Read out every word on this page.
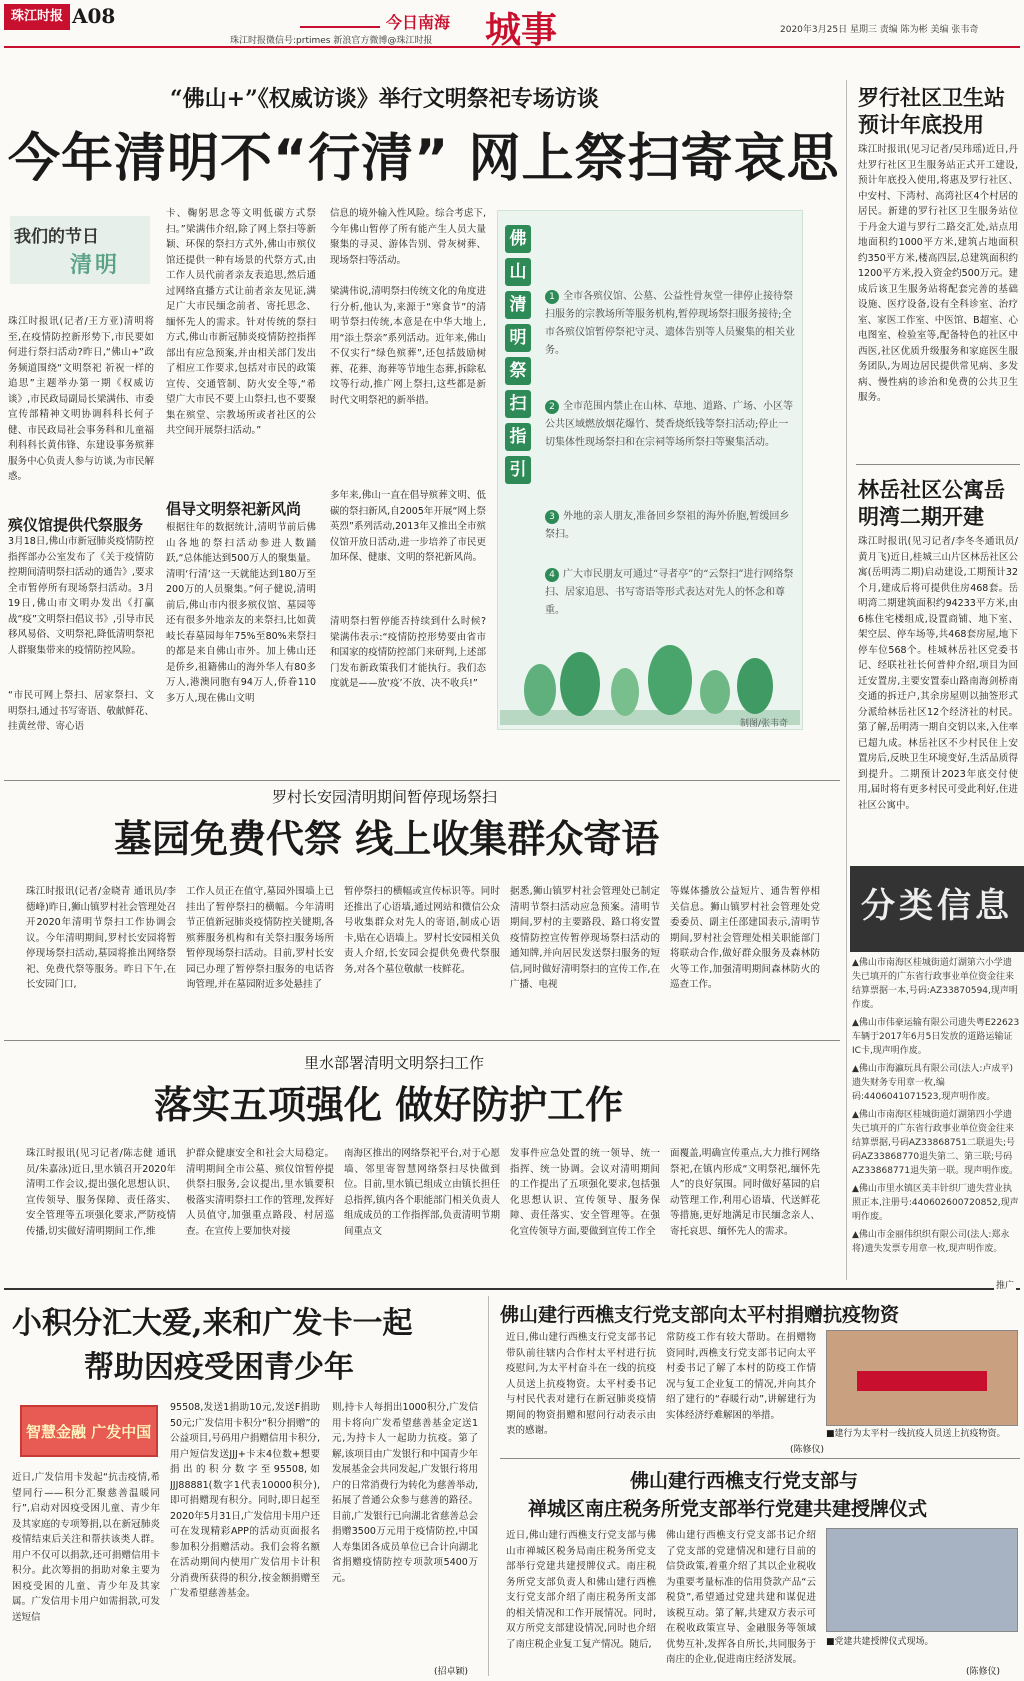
珠江时报 A08
珠江时报微信号:prtimes 新浪官方微博@珠江时报
今日南海 城事	2020年3月25日 星期三 责编 陈为彬 美编 张韦奇
“佛山+”《权威访谈》举行文明祭祀专场访谈
今年清明不“行清” 网上祭扫寄哀思
我们的节日
清明
珠江时报讯(记者/王方亚)清明将至,在疫情防控新形势下,市民要如何进行祭扫活动?昨日,“佛山+”政务频道围绕“文明祭祀 祈祝一样的追思”主题举办第一期《权威访谈》,市民政局副局长梁满伟、市委宣传部精神文明协调科科长何子健、市民政局社会事务科和儿童福利科科长黄伟锋、东建设事务殡葬服务中心负责人参与访谈,为市民解惑。
殡仪馆提供代祭服务
3月18日,佛山市新冠肺炎疫情防控指挥部办公室发布了《关于疫情防控期间清明祭扫活动的通告》,要求全市暂停所有现场祭扫活动。3月19日,佛山市文明办发出《打赢战“疫”文明祭扫倡议书》,引导市民移风易俗、文明祭祀,降低清明祭祀人群聚集带来的疫情防控风险。
“市民可网上祭扫、居家祭扫、文明祭扫,通过书写寄语、敬献鲜花、挂黄丝带、寄心语
卡、鞠躬思念等文明低碳方式祭扫。”梁满伟介绍,除了网上祭扫等新颖、环保的祭扫方式外,佛山市殡仪馆还提供一种有场景的代祭方式,由工作人员代前者亲友表追思,然后通过网络直播方式让前者亲友见证,满足广大市民缅念前者、寄托思念、缅怀先人的需求。针对传统的祭扫方式,佛山市新冠肺炎疫情防控指挥部出有应急预案,并由相关部门发出了相应工作要求,包括对市民的政策宣传、交通管制、防火安全等,“希望广大市民不要上山祭扫,也不要聚集在殡堂、宗教场所或者社区的公共空间开展祭扫活动。”
倡导文明祭祀新风尚
根据往年的数据统计,清明节前后佛山各地的祭扫活动参进人数踊跃,“总体能达到500万人的聚集量。清明‘行清’这一天就能达到180万至200万的人员聚集。”何子健说,清明前后,佛山市内很多殡仪馆、墓园等还有很多外地亲友的来祭扫,比如黄岐长春墓园每年75%至80%来祭扫的都是来自佛山市外。加上佛山还是侨乡,祖籍佛山的海外华人有80多万人,港澳同胞有94万人,侨眷110多万人,现在佛山文明
信息的境外输入性风险。综合考虑下,今年佛山暂停了所有能产生人员大量聚集的寻灵、游体告别、骨灰树葬、现场祭扫等活动。
梁满伟说,清明祭扫传统文化的角度进行分析,他认为,来源于“寒食节”的清明节祭扫传统,本意是在中华大地上,用“添土祭亲”系列活动。近年来,佛山不仅实行“绿色殡葬”,还包括鼓励树葬、花葬、海葬等节地生态葬,拆除私坟等行动,推广网上祭扫,这些都是新时代文明祭祀的新举措。
多年来,佛山一直在倡导殡葬文明、低碳的祭扫新风,自2005年开展“网上祭英烈”系列活动,2013年又推出全市殡仪馆开放日活动,进一步培养了市民更加环保、健康、文明的祭祀新风尚。
清明祭扫暂停能否持续到什么时候?梁满伟表示:“疫情防控形势要由省市和国家的疫情防控部门来研判,上述部门发布新政策我们才能执行。我们态度就是——放‘疫’不放、决不收兵!”
佛
山
清
明
祭
扫
指
引
1 全市各殡仪馆、公墓、公益性骨灰堂一律停止接待祭扫服务的宗教场所等服务机构,暂停现场祭扫服务接待;全市各殡仪馆暂停祭祀守灵、遗体告别等人员聚集的相关业务。
2 全市范围内禁止在山林、草地、道路、广场、小区等公共区域燃放烟花爆竹、焚香烧纸钱等祭扫活动;停止一切集体性现场祭扫和在宗祠等场所祭扫等聚集活动。
3 外地的亲人朋友,准备回乡祭祖的海外侨胞,暂缓回乡祭扫。
4 广大市民朋友可通过“寻者亭”的“云祭扫”进行网络祭扫、居家追思、书写寄语等形式表达对先人的怀念和尊重。
制图/张韦奇
罗行社区卫生站预计年底投用
珠江时报讯(见习记者/吴玮瑶)近日,丹灶罗行社区卫生服务站正式开工建设,预计年底投入使用,将惠及罗行社区、中安村、下湾村、高湾社区4个村居的居民。新建的罗行社区卫生服务站位于丹金大道与罗行二路交汇处,站点用地面积约1000平方米,建筑占地面积约350平方米,楼高四层,总建筑面积约1200平方米,投入资金约500万元。建成后该卫生服务站将配套完善的基础设施、医疗设备,设有全科诊室、治疗室、家医工作室、中医馆、B超室、心电图室、检验室等,配备特色的社区中西医,社区优质升级服务和家庭医生服务团队,为周边居民提供常见病、多发病、慢性病的诊治和免费的公共卫生服务。
林岳社区公寓岳明湾二期开建
珠江时报讯(见习记者/李冬冬通讯员/黄月飞)近日,桂城三山片区林岳社区公寓(岳明湾二期)启动建设,工期预计32个月,建成后将可提供住房468套。岳明湾二期建筑面积约94233平方米,由6栋住宅楼组成,设置商铺、地下室、架空层、停车场等,共468套房屋,地下停车位568个。桂城林岳社区党委书记、经联社社长何普仲介绍,项目为回迁安置房,主要安置泰山路南海剑桥南交通的拆迁户,其余房屋则以抽签形式分派给林岳社区12个经济社的村民。第了解,岳明湾一期自交钥以来,入住率已超九成。林岳社区不少村民住上安置房后,反映卫生环境变好,生活品质得到提升。二期预计2023年底交付使用,届时将有更多村民可受此利好,住进社区公寓中。
罗村长安园清明期间暂停现场祭扫
墓园免费代祭 线上收集群众寄语
珠江时报讯(记者/金晓青 通讯员/李德峰)昨日,狮山镇罗村社会管理处召开2020年清明节祭扫工作协调会议。今年清明期间,罗村长安园将暂停现场祭扫活动,墓园将推出网络祭祀、免费代祭等服务。昨日下午,在长安园门口,
工作人员正在值守,墓园外围墙上已挂出了暂停祭扫的横幅。今年清明节正值新冠肺炎疫情防控关键期,各殡葬服务机构和有关祭扫服务场所暂停现场祭扫活动。目前,罗村长安园已办理了暂停祭扫服务的电话咨询管理,并在墓园附近多处悬挂了
暂停祭扫的横幅或宣传标识等。同时还推出了心语墙,通过网站和微信公众号收集群众对先人的寄语,制成心语卡,贴在心语墙上。罗村长安园相关负责人介绍,长安园会提供免费代祭服务,对各个墓位敬献一枝鲜花。
据悉,狮山镇罗村社会管理处已制定清明节祭扫活动应急预案。清明节期间,罗村的主要路段、路口将安置疫情防控宣传暂停现场祭扫活动的通知牌,并向居民发送祭扫服务的短信,同时做好清明祭扫的宣传工作,在广播、电视
等媒体播放公益短片、通告暂停相关信息。狮山镇罗村社会管理处党委委员、副主任邵建国表示,清明节期间,罗村社会管理处相关职能部门将联动合作,做好群众服务及森林防火等工作,加强清明期间森林防火的巡查工作。
里水部署清明文明祭扫工作
落实五项强化 做好防护工作
珠江时报讯(见习记者/陈志健 通讯员/朱嘉泳)近日,里水镇召开2020年清明工作会议,提出强化思想认识、宣传领导、服务保障、责任落实、安全管理等五项强化要求,严防疫情传播,切实做好清明期间工作,维
护群众健康安全和社会大局稳定。清明期间全市公墓、殡仪馆暂停提供祭扫服务,会议提出,里水镇要积极落实清明祭扫工作的管理,发挥好人员值守,加强重点路段、村居巡查。在宣传上要加快对接
南海区推出的网络祭祀平台,对于心愿墙、邻里寄智慧网络祭扫尽快做到位。目前,里水镇已组成立由镇长担任总指挥,镇内各个职能部门相关负责人组成成员的工作指挥部,负责清明节期间重点文
发事件应急处置的统一领导、统一指挥、统一协调。会议对清明期间的工作提出了五项强化要求,包括强化思想认识、宣传领导、服务保障、责任落实、安全管理等。在强化宣传领导方面,要做到宣传工作全
面覆盖,明确宣传重点,大力推行网络祭祀,在镇内形成“文明祭祀,缅怀先人”的良好氛围。同时做好墓园的启动管理工作,利用心语墙、代送鲜花等措施,更好地满足市民缅念亲人、寄托哀思、缅怀先人的需求。
分类信息

▲佛山市南海区桂城街道灯湖第六小学遗失已填开的广东省行政事业单位资金往来结算票据一本,号码:AZ33870594,现声明作废。

▲佛山市伟豪运输有限公司遗失粤E22623车辆于2017年6月5日发放的道路运输证IC卡,现声明作废。

▲佛山市海瀛玩具有限公司(法人:卢成平)遗失财务专用章一枚,编码:4406041071523,现声明作废。

▲佛山市南海区桂城街道灯湖第四小学遗失已填开的广东省行政事业单位资金往来结算票据,号码AZ33868751二联退失;号码AZ33868770退失第二、第三联;号码AZ33868771退失第一联。现声明作废。

▲佛山市里水镇区美丰针织厂遗失营业执照正本,注册号:440602600720852,现声明作废。

▲佛山市金丽伟织织有限公司(法人:郑永将)遗失发票专用章一枚,现声明作废。

推广
小积分汇大爱,来和广发卡一起
帮助因疫受困青少年
智慧金融 广发中国
近日,广发信用卡发起“抗击疫情,希望同行——积分汇聚慈善温暖同行”,启动对因疫受困儿童、青少年及其家庭的专项筹捐,以在新冠肺炎疫情结束后关注和帮扶该类人群。用户不仅可以捐款,还可捐赠信用卡积分。此次筹捐的捐助对象主要为困疫受困的儿童、青少年及其家属。广发信用卡用户如需捐款,可发送短信
95508,发送1捐助10元,发送F捐助50元;广发信用卡积分“积分捐赠”的公益项目,号码用户捐赠信用卡积分,用户短信发送JJJ+卡末4位数+想要捐出的积分数字至95508,如JJJ88881(数字1代表10000积分),即可捐赠现有积分。同时,即日起至2020年5月31日,广发信用卡用户还可在发现精彩APP的活动页面报名参加积分捐赠活动。我们会将名额在活动期间内使用广发信用卡计积分消费所获得的积分,按金额捐赠至广发希望慈善基金。
则,持卡人每捐出1000积分,广发信用卡将向广发希望慈善基金定送1元,为持卡人一起助力抗疫。第了解,该项目由广发银行和中国青少年发展基金会共同发起,广发银行将用户的日常消费行为转化为慈善举动,拓展了普通公众参与慈善的路径。目前,广发银行已向湖北省慈善总会捐赠3500万元用于疫情防控,中国人寿集团各成员单位已合计向湖北省捐赠疫情防控专项款项5400万元。
(招卓颖)
佛山建行西樵支行党支部向太平村捐赠抗疫物资
近日,佛山建行西樵支行党支部书记带队前往辖内合作村太平村进行抗疫慰问,为太平村奋斗在一线的抗疫人员送上抗疫物资。太平村委书记与村民代表对建行在新冠肺炎疫情期间的物资捐赠和慰问行动表示由衷的感谢。
常防疫工作有较大帮助。在捐赠物资同时,西樵支行党支部书记向太平村委书记了解了本村的防疫工作情况与复工企业复工的情况,并向其介绍了建行的“春暖行动”,讲解建行为实体经济纾难解困的举措。
■建行为太平村一线抗疫人员送上抗疫物资。
(陈修仪)
佛山建行西樵支行党支部与
禅城区南庄税务所党支部举行党建共建授牌仪式
近日,佛山建行西樵支行党支部与佛山市禅城区税务局南庄税务所党支部举行党建共建授牌仪式。南庄税务所党支部负责人和佛山建行西樵支行党支部介绍了南庄税务所支部的相关情况和工作开展情况。同时,双方所党支部建设情况,同时也介绍了南庄税企业复工复产情况。随后,
佛山建行西樵支行党支部书记介绍了党支部的党建情况和建行目前的信贷政策,着重介绍了其以企业税收为重要考量标准的信用贷款产品“云税贷”,希望通过党建共建和谋促进该税互动。第了解,共建双方表示可在税收政策宣导、金融服务等领域优势互补,发挥各自所长,共同服务于南庄的企业,促进南庄经济发展。
■党建共建授牌仪式现场。
(陈修仪)
